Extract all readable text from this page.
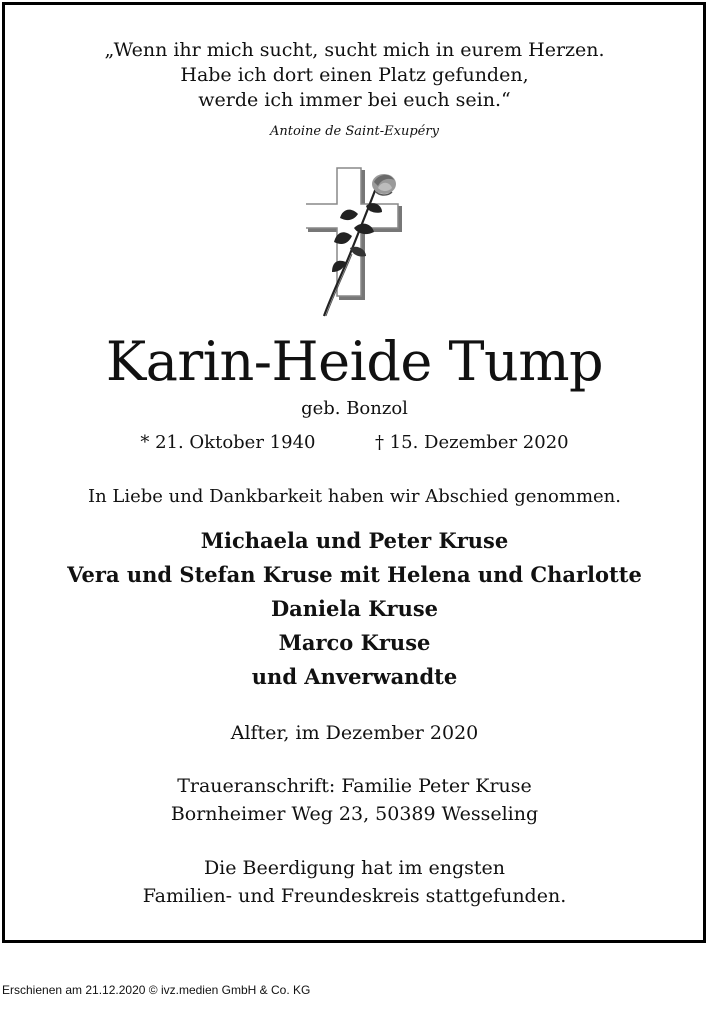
„Wenn ihr mich sucht, sucht mich in eurem Herzen.
Habe ich dort einen Platz gefunden,
werde ich immer bei euch sein.“
Antoine de Saint-Exupéry
Karin-Heide Tump
geb. Bonzol
* 21. Oktober 1940	† 15. Dezember 2020
In Liebe und Dankbarkeit haben wir Abschied genommen.
Michaela und Peter Kruse
Vera und Stefan Kruse mit Helena und Charlotte
Daniela Kruse
Marco Kruse
und Anverwandte
Alfter, im Dezember 2020
Traueranschrift: Familie Peter Kruse
Bornheimer Weg 23, 50389 Wesseling
Die Beerdigung hat im engsten
Familien- und Freundeskreis stattgefunden.
Erschienen am 21.12.2020 © ivz.medien GmbH & Co. KG
